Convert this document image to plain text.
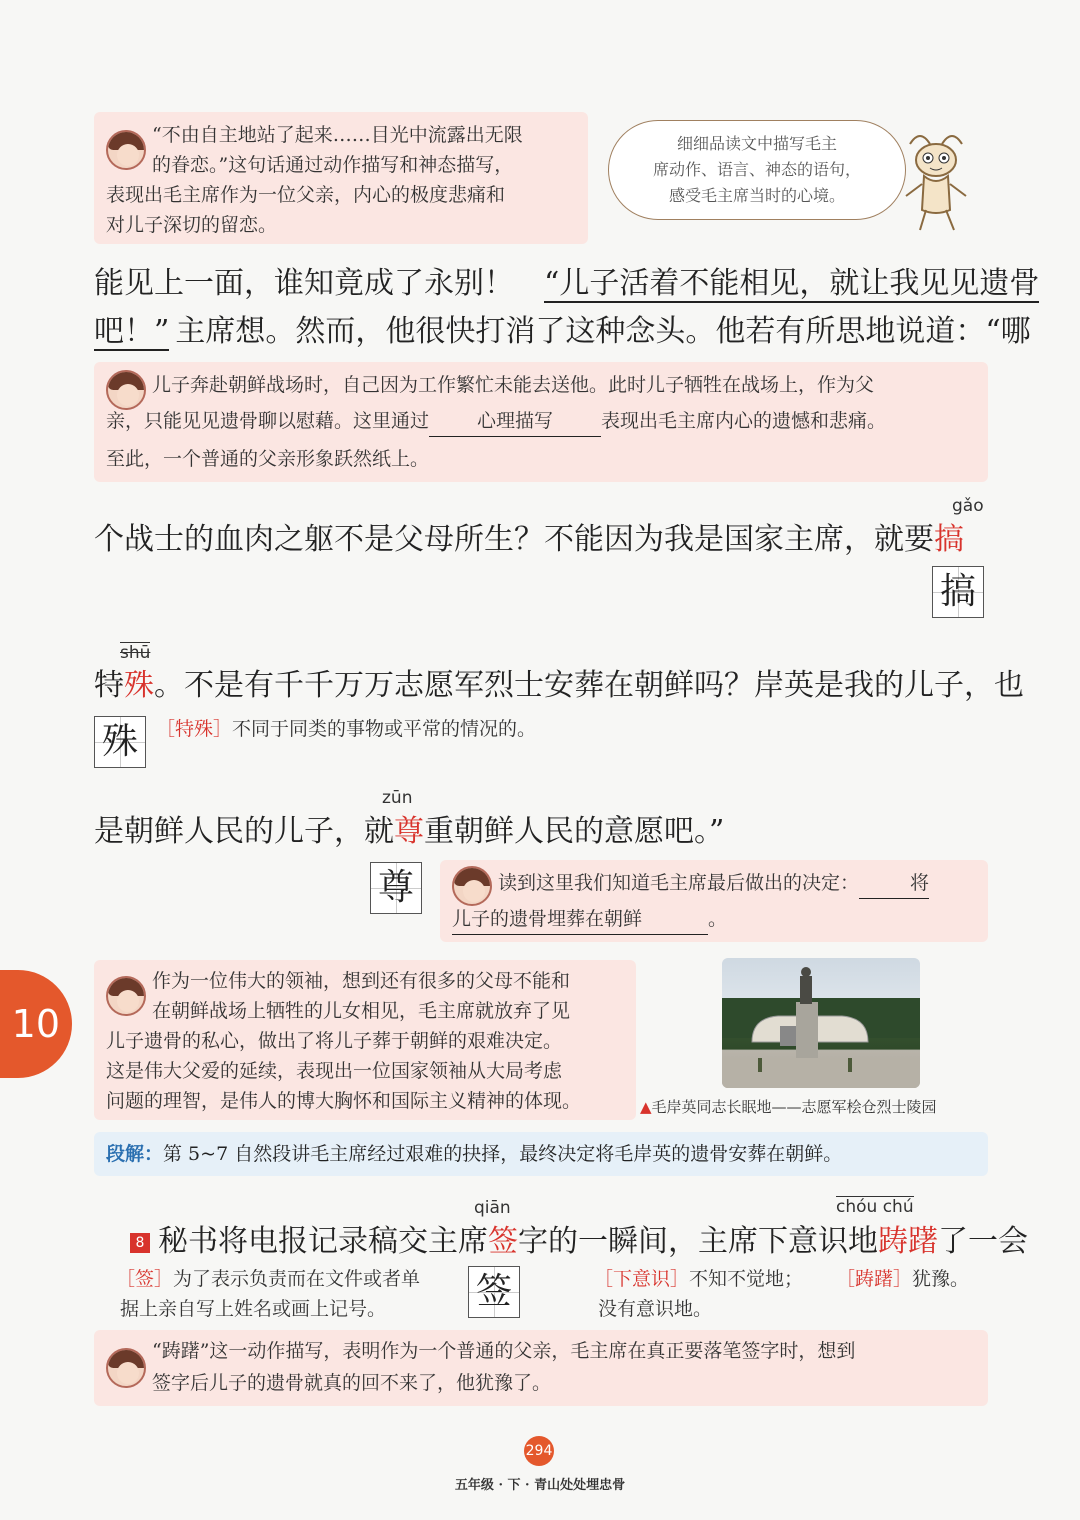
“不由自主地站了起来……目光中流露出无限
的眷恋。”这句话通过动作描写和神态描写，
表现出毛主席作为一位父亲，内心的极度悲痛和
对儿子深切的留恋。
细细品读文中描写毛主
席动作、语言、神态的语句，
感受毛主席当时的心境。
能见上一面，谁知竟成了永别！ “儿子活着不能相见，就让我见见遗骨
吧！” 主席想。然而，他很快打消了这种念头。他若有所思地说道：“哪
儿子奔赴朝鲜战场时，自己因为工作繁忙未能去送他。此时儿子牺牲在战场上，作为父
亲，只能见见遗骨聊以慰藉。这里通过	心理描写	表现出毛主席内心的遗憾和悲痛。
至此，一个普通的父亲形象跃然纸上。
gǎo
个战士的血肉之躯不是父母所生？不能因为我是国家主席，就要搞
搞
shū
特殊。不是有千千万万志愿军烈士安葬在朝鲜吗？岸英是我的儿子，也
殊 ［特殊］不同于同类的事物或平常的情况的。
zūn
是朝鲜人民的儿子，就尊重朝鲜人民的意愿吧。”
尊	读到这里我们知道毛主席最后做出的决定：	将
儿子的遗骨埋葬在朝鲜	。
10
作为一位伟大的领袖，想到还有很多的父母不能和
在朝鲜战场上牺牲的儿女相见，毛主席就放弃了见
儿子遗骨的私心，做出了将儿子葬于朝鲜的艰难决定。
这是伟大父爱的延续，表现出一位国家领袖从大局考虑
问题的理智，是伟人的博大胸怀和国际主义精神的体现。	▲毛岸英同志长眠地——志愿军桧仓烈士陵园
段解：第 5~7 自然段讲毛主席经过艰难的抉择，最终决定将毛岸英的遗骨安葬在朝鲜。
qiān	chóu chú
8 秘书将电报记录稿交主席签字的一瞬间，主席下意识地踌躇了一会
签
［签］为了表示负责而在文件或者单
据上亲自写上姓名或画上记号。
［下意识］不知不觉地；
没有意识地。
［踌躇］犹豫。
“踌躇”这一动作描写，表明作为一个普通的父亲，毛主席在真正要落笔签字时，想到
签字后儿子的遗骨就真的回不来了，他犹豫了。
294
五年级 · 下 · 青山处处埋忠骨
